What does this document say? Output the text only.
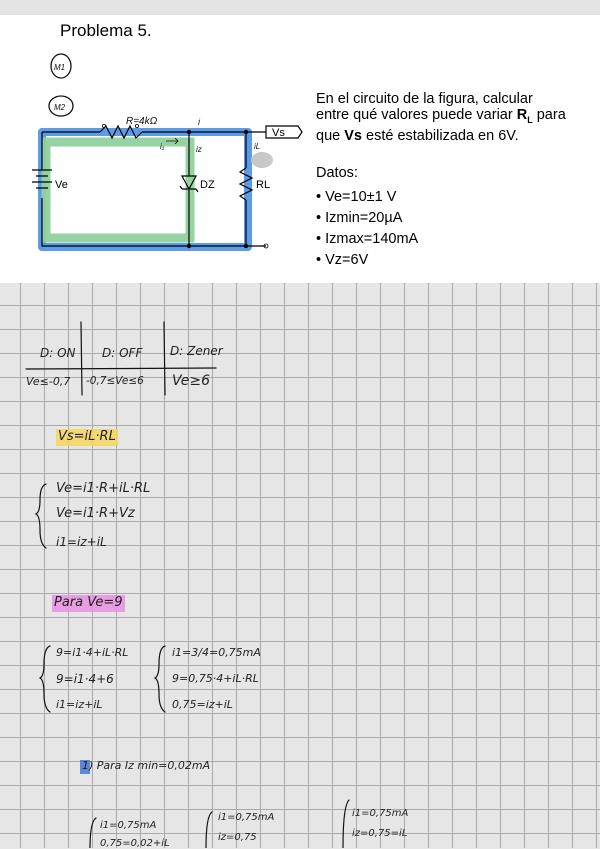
Problema 5.
M1
M2
R=4kΩ
Ve	DZ	RL
Vs
i₁
i
iz	iL
En el circuito de la figura, calcular entre qué valores puede variar $R_L$ para que Vs esté estabilizada en 6V.
Datos:
• Ve=10±1 V
• Izmin=20µA
• Izmax=140mA
• Vz=6V
D: ON D: OFF D: Zener
Ve≤-0,7 -0,7≤Ve≤6 Ve≥6
Vs=iL·RL
Ve=i1·R+iL·RL
Ve=i1·R+Vz
i1=iz+iL
Para Ve=9
9=i1·4+iL·RL
9=i1·4+6
i1=iz+iL
i1=3/4=0,75mA
9=0,75·4+iL·RL
0,75=iz+iL
1) Para Iz min=0,02mA
i1=0,75mA
0,75=0,02+iL
i1=0,75mA
iz=0,75
i1=0,75mA
iz=0,75=iL
